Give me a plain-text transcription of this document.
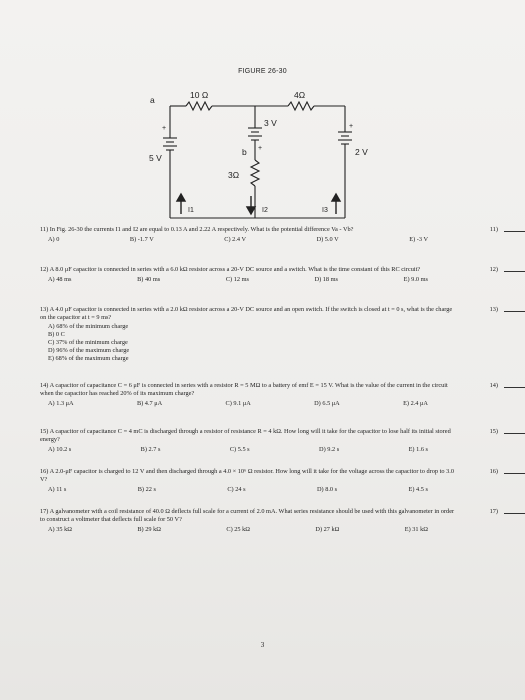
FIGURE 26-30
10 Ω	4Ω
a
+
5 V
3 V
+
b
3Ω
+
2 V
I1	I2	I3

11) In Fig. 26-30 the currents I1 and I2 are equal to 0.13 A and 2.22 A respectively. What is the potential difference Va - Vb?	11)
A) 0	B) -1.7 V	C) 2.4 V	D) 5.0 V	E) -3 V

12) A 8.0 μF capacitor is connected in series with a 6.0 kΩ resistor across a 20-V DC source and a switch. What is the time constant of this RC circuit?	12)
A) 48 ms	B) 40 ms	C) 12 ms	D) 18 ms	E) 9.0 ms

13) A 4.0 μF capacitor is connected in series with a 2.0 kΩ resistor across a 20-V DC source and an open switch. If the switch is closed at t = 0 s, what is the charge on the capacitor at t = 9 ms?

13)
A) 68% of the minimum charge
B) 0 C
C) 37% of the minimum charge
D) 96% of the maximum charge
E) 68% of the maximum charge

14) A capacitor of capacitance C = 6 μF is connected in series with a resistor R = 5 MΩ to a battery of emf E = 15 V. What is the value of the current in the circuit when the capacitor has reached 20% of its maximum charge?

14)
A) 1.3 μA	B) 4.7 μA	C) 9.1 μA	D) 6.5 μA	E) 2.4 μA

15) A capacitor of capacitance C = 4 mC is discharged through a resistor of resistance R = 4 kΩ. How long will it take for the capacitor to lose half its initial stored energy?

15)
A) 10.2 s	B) 2.7 s	C) 5.5 s	D) 9.2 s	E) 1.6 s

16) A 2.0-μF capacitor is charged to 12 V and then discharged through a 4.0 × 10⁶ Ω resistor. How long will it take for the voltage across the capacitor to drop to 3.0 V?

16)
A) 11 s	B) 22 s	C) 24 s	D) 8.0 s	E) 4.5 s

17) A galvanometer with a coil resistance of 40.0 Ω deflects full scale for a current of 2.0 mA. What series resistance should be used with this galvanometer in order to construct a voltmeter that deflects full scale for 50 V?

17)
A) 35 kΩ	B) 29 kΩ	C) 25 kΩ	D) 27 kΩ	E) 31 kΩ
3
